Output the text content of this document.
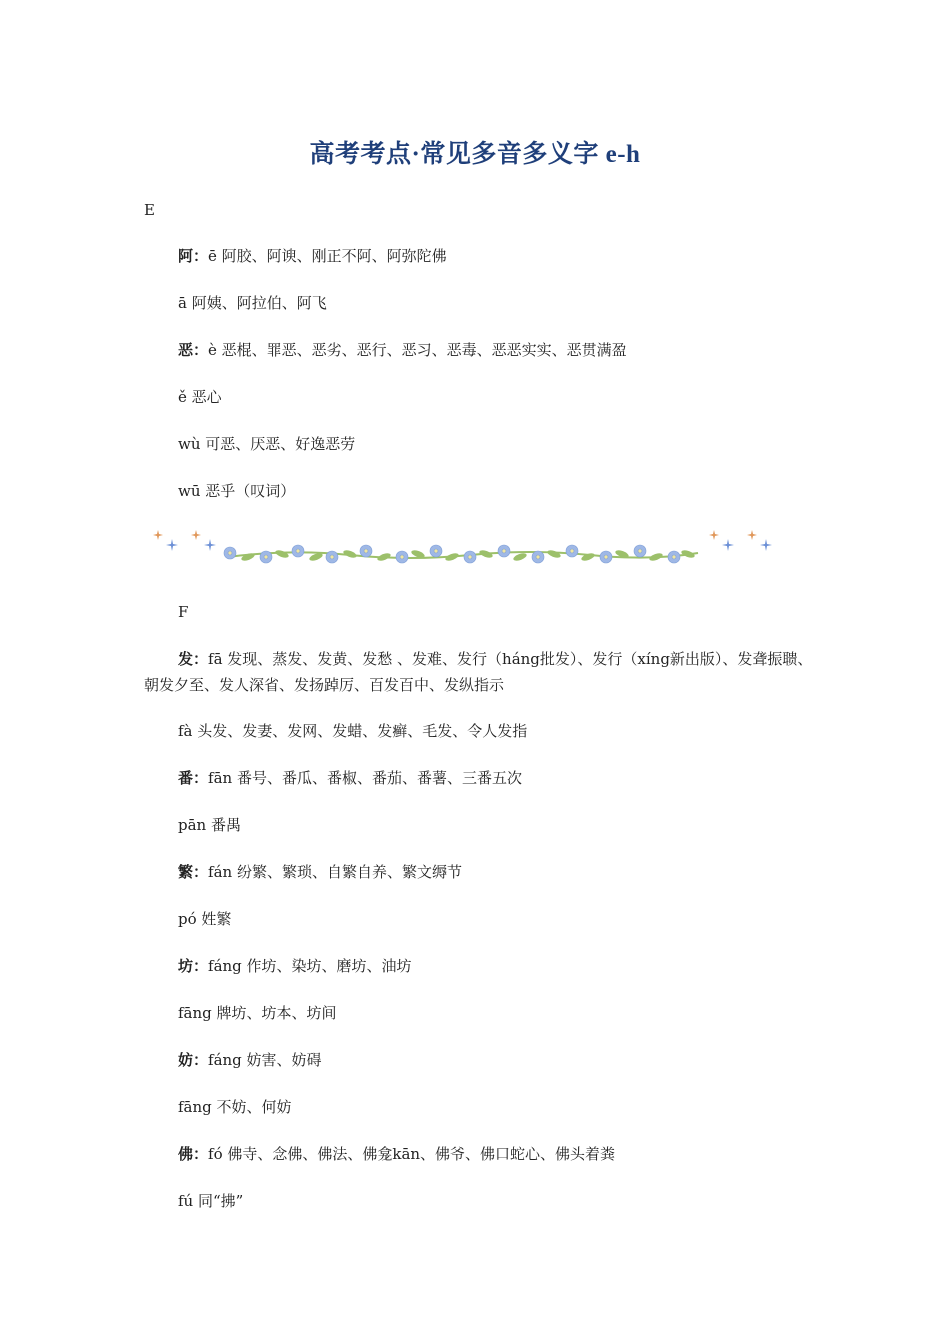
高考考点·常见多音多义字 e-h
E
阿：ē 阿胶、阿谀、刚正不阿、阿弥陀佛
ā 阿姨、阿拉伯、阿飞
恶：è 恶棍、罪恶、恶劣、恶行、恶习、恶毒、恶恶实实、恶贯满盈
ě 恶心
wù 可恶、厌恶、好逸恶劳
wū 恶乎（叹词）
F
发：fā 发现、蒸发、发黄、发愁 、发难、发行（háng批发）、发行（xíng新出版）、发聋振聩、朝发夕至、发人深省、发扬踔厉、百发百中、发纵指示
fà 头发、发妻、发网、发蜡、发癣、毛发、令人发指
番：fān 番号、番瓜、番椒、番茄、番薯、三番五次
pān 番禺
繁：fán 纷繁、繁琐、自繁自养、繁文缛节
pó 姓繁
坊：fáng 作坊、染坊、磨坊、油坊
fāng 牌坊、坊本、坊间
妨：fáng 妨害、妨碍
fāng 不妨、何妨
佛：fó 佛寺、念佛、佛法、佛龛kān、佛爷、佛口蛇心、佛头着粪
fú 同“拂”
